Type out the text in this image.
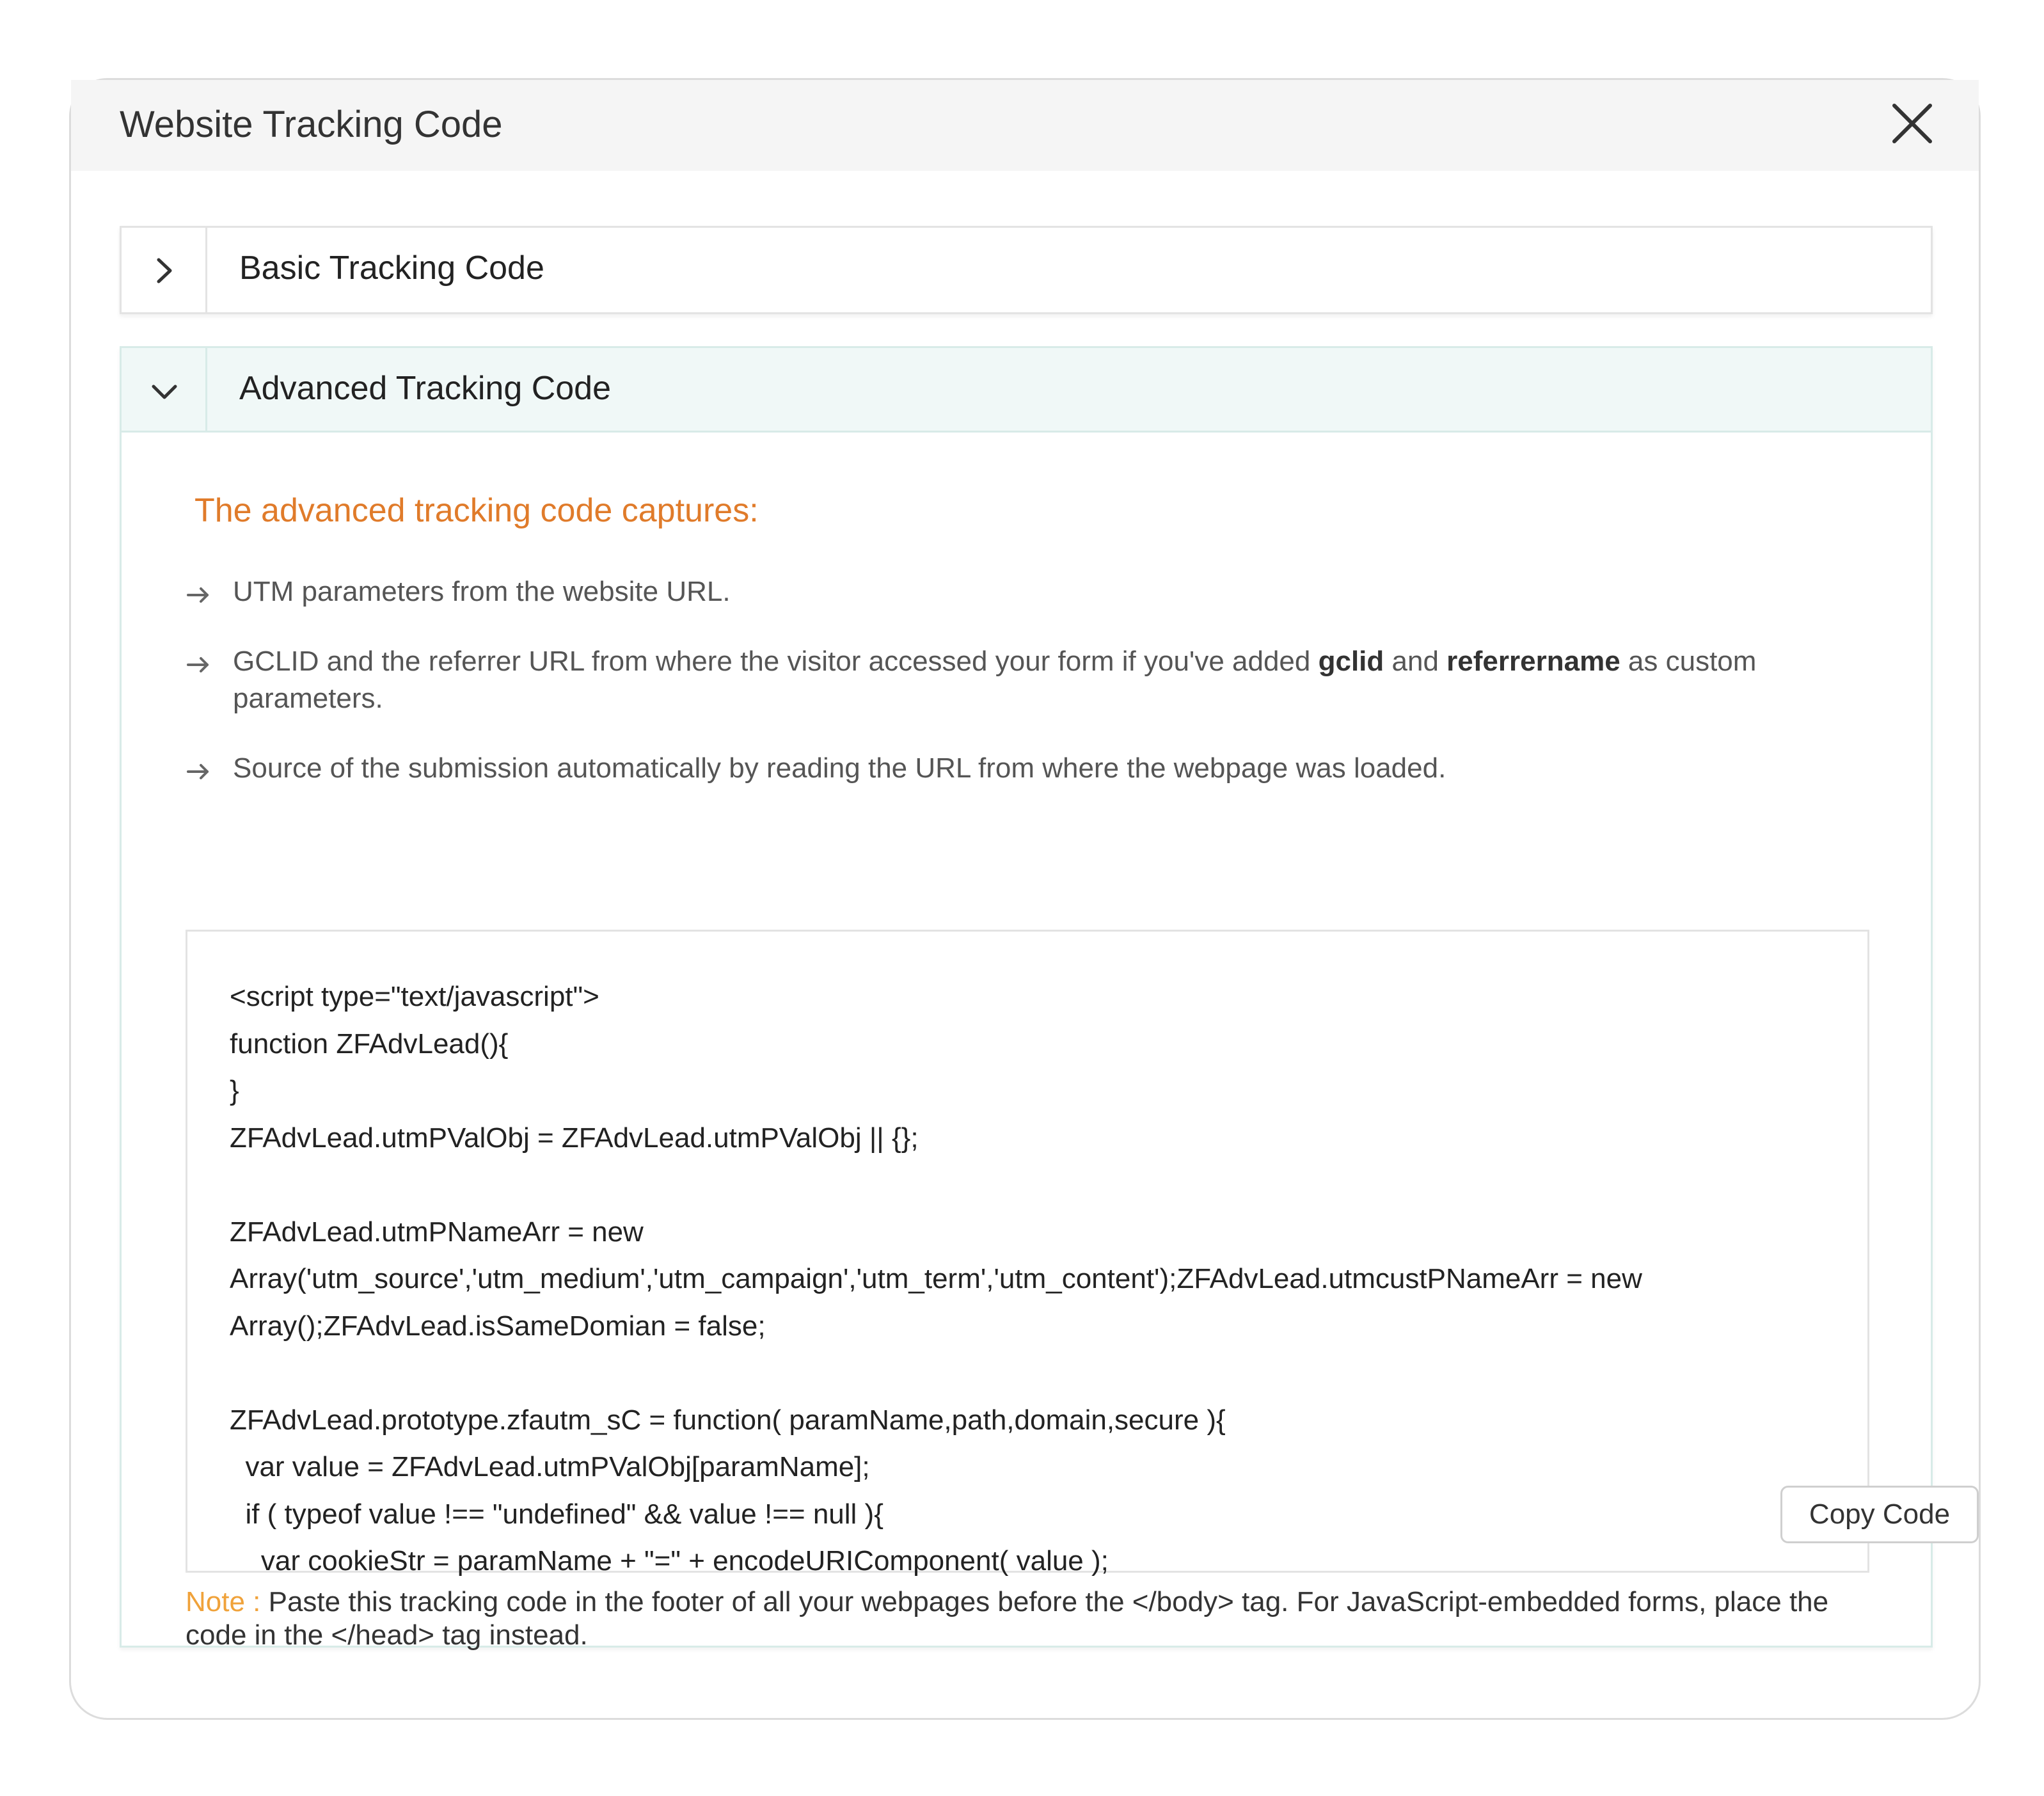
Website Tracking Code
Basic Tracking Code
Advanced Tracking Code
The advanced tracking code captures:
UTM parameters from the website URL.
GCLID and the referrer URL from where the visitor accessed your form if you've added gclid and referrername as custom parameters.
Source of the submission automatically by reading the URL from where the webpage was loaded.
<script type="text/javascript">
function ZFAdvLead(){
}
ZFAdvLead.utmPValObj = ZFAdvLead.utmPValObj || {};

ZFAdvLead.utmPNameArr = new
Array('utm_source','utm_medium','utm_campaign','utm_term','utm_content');ZFAdvLead.utmcustPNameArr = new
Array();ZFAdvLead.isSameDomian = false;

ZFAdvLead.prototype.zfautm_sC = function( paramName,path,domain,secure ){
var value = ZFAdvLead.utmPValObj[paramName];
if ( typeof value !== "undefined" && value !== null ){
var cookieStr = paramName + "=" + encodeURIComponent( value );
Copy Code
Note : Paste this tracking code in the footer of all your webpages before the </body> tag. For JavaScript-embedded forms, place the code in the </head> tag instead.
